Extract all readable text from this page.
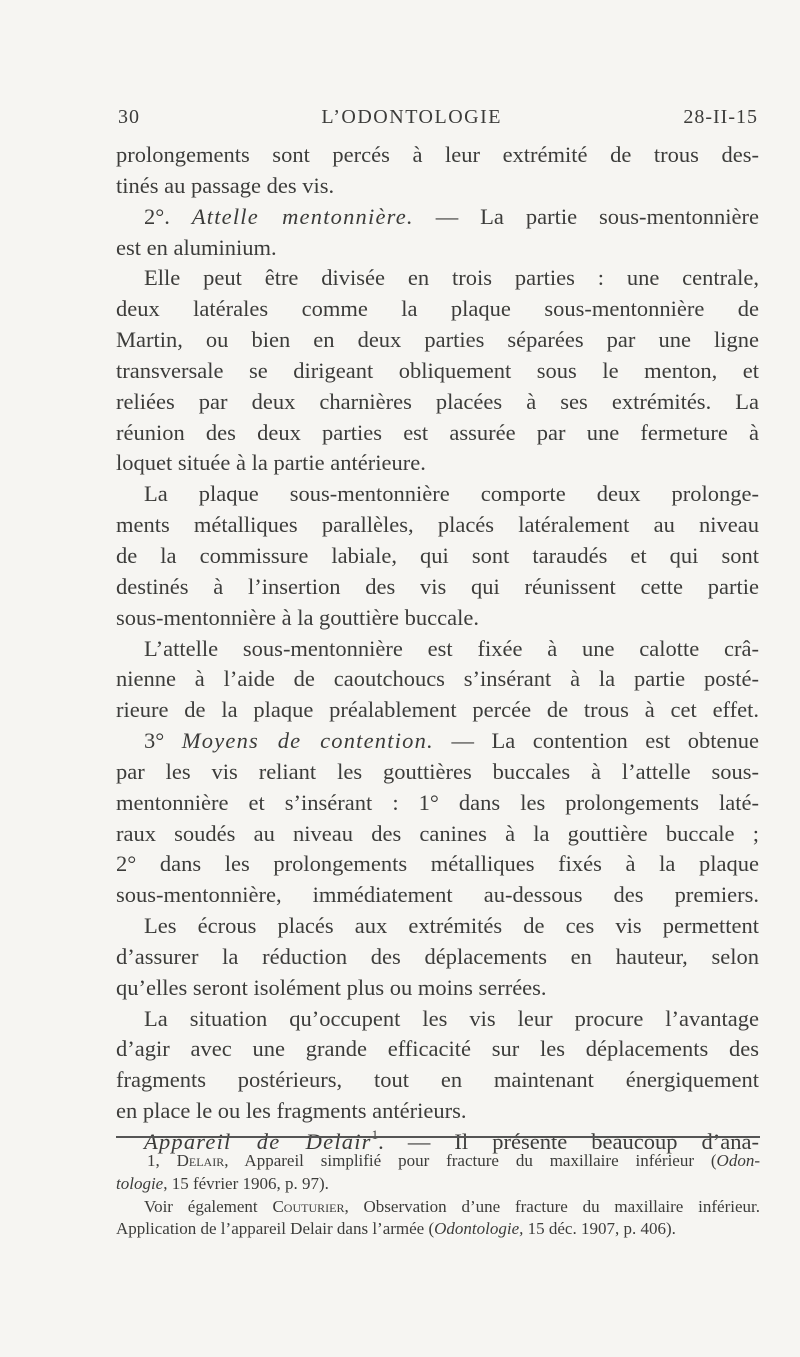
30	L’ODONTOLOGIE	28-II-15
prolongements sont percés à leur extrémité de trous des-
tinés au passage des vis.
2°. Attelle mentonnière. — La partie sous-mentonnière
est en aluminium.
Elle peut être divisée en trois parties : une centrale,
deux latérales comme la plaque sous-mentonnière de
Martin, ou bien en deux parties séparées par une ligne
transversale se dirigeant obliquement sous le menton, et
reliées par deux charnières placées à ses extrémités. La
réunion des deux parties est assurée par une fermeture à
loquet située à la partie antérieure.
La plaque sous-mentonnière comporte deux prolonge-
ments métalliques parallèles, placés latéralement au niveau
de la commissure labiale, qui sont taraudés et qui sont
destinés à l’insertion des vis qui réunissent cette partie
sous-mentonnière à la gouttière buccale.
L’attelle sous-mentonnière est fixée à une calotte crâ-
nienne à l’aide de caoutchoucs s’insérant à la partie posté-
rieure de la plaque préalablement percée de trous à cet effet.
3° Moyens de contention. — La contention est obtenue
par les vis reliant les gouttières buccales à l’attelle sous-
mentonnière et s’insérant : 1° dans les prolongements laté-
raux soudés au niveau des canines à la gouttière buccale ;
2° dans les prolongements métalliques fixés à la plaque
sous-mentonnière, immédiatement au-dessous des premiers.
Les écrous placés aux extrémités de ces vis permettent
d’assurer la réduction des déplacements en hauteur, selon
qu’elles seront isolément plus ou moins serrées.
La situation qu’occupent les vis leur procure l’avantage
d’agir avec une grande efficacité sur les déplacements des
fragments postérieurs, tout en maintenant énergiquement
en place le ou les fragments antérieurs.
Appareil de Delair$^1$. — Il présente beaucoup d’ana-
1, Delair, Appareil simplifié pour fracture du maxillaire inférieur (Odon-
tologie, 15 février 1906, p. 97).
Voir également Couturier, Observation d’une fracture du maxillaire inférieur.
Application de l’appareil Delair dans l’armée (Odontologie, 15 déc. 1907, p. 406).
